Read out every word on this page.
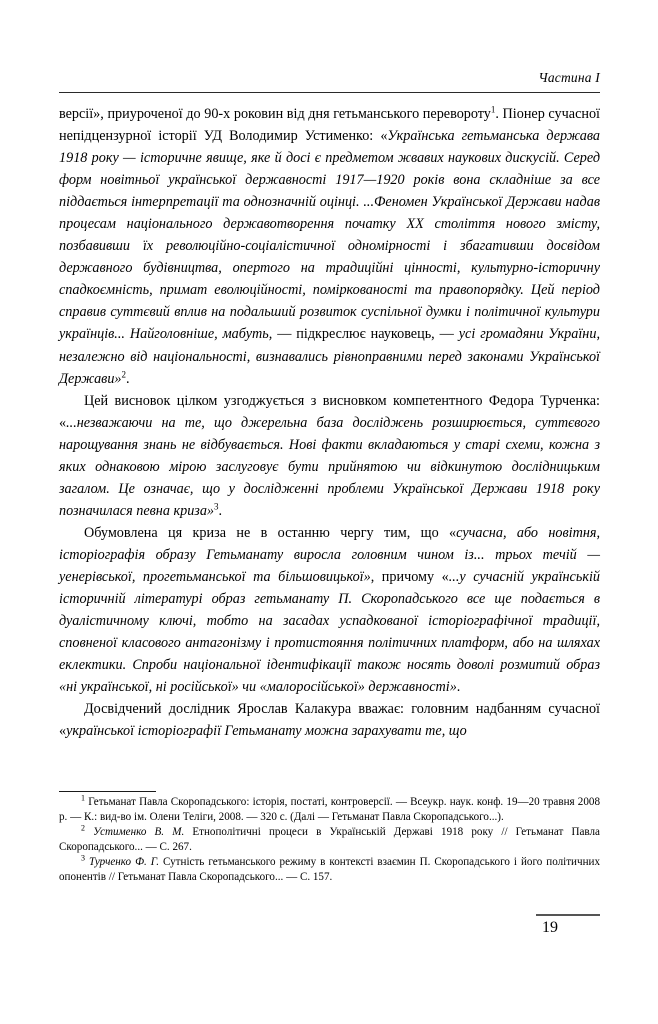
Частина I

версії», приуроченої до 90-х роковин від дня гетьманського перевороту$^1$. Піонер сучасної непідцензурної історії УД Володимир Устименко: «Українська гетьманська держава 1918 року — історичне явище, яке й досі є предметом жвавих наукових дискусій. Серед форм новітньої української державності 1917—1920 років вона складніше за все піддається інтерпретації та однозначній оцінці. ...Феномен Української Держави надав процесам національного державотворення початку ХХ століття нового змісту, позбавивши їх революційно-соціалістичної одномірності і збагативши досвідом державного будівництва, опертого на традиційні цінності, культурно-історичну спадкоємність, примат еволюційності, поміркованості та правопорядку. Цей період справив суттєвий вплив на подальший розвиток суспільної думки і політичної культури українців... Найголовніше, мабуть, — підкреслює науковець, — усі громадяни України, незалежно від національності, визнавались рівноправними перед законами Української Держави»$^2$.

Цей висновок цілком узгоджується з висновком компетентного Федора Турченка: «...незважаючи на те, що джерельна база досліджень розширюється, суттєвого нарощування знань не відбувається. Нові факти вкладаються у старі схеми, кожна з яких однаковою мірою заслуговує бути прийнятою чи відкинутою дослідницьким загалом. Це означає, що у дослідженні проблеми Української Держави 1918 року позначилася певна криза»$^3$.

Обумовлена ця криза не в останню чергу тим, що «сучасна, або новітня, історіографія образу Гетьманату виросла головним чином із... трьох течій — уенерівської, прогетьманської та більшовицької», причому «...у сучасній українській історичній літературі образ гетьманату П. Скоропадського все ще подається в дуалістичному ключі, тобто на засадах успадкованої історіографічної традиції, сповненої класового антагонізму і протистояння політичних платформ, або на шляхах еклектики. Спроби національної ідентифікації також носять доволі розмитий образ «ні української, ні російської» чи «малоросійської» державності».

Досвідчений дослідник Ярослав Калакура вважає: головним надбанням сучасної «української історіографії Гетьманату можна зарахувати те, що

$^1$ Гетьманат Павла Скоропадського: історія, постаті, контроверсії. — Всеукр. наук. конф. 19—20 травня 2008 р. — К.: вид-во ім. Олени Теліги, 2008. — 320 с. (Далі — Гетьманат Павла Скоропадського...).

$^2$ Устименко В. М. Етнополітичні процеси в Українській Державі 1918 року // Гетьманат Павла Скоропадського... — С. 267.

$^3$ Турченко Ф. Г. Сутність гетьманського режиму в контексті взаємин П. Скоропадського і його політичних опонентів // Гетьманат Павла Скоропадського... — С. 157.

19
